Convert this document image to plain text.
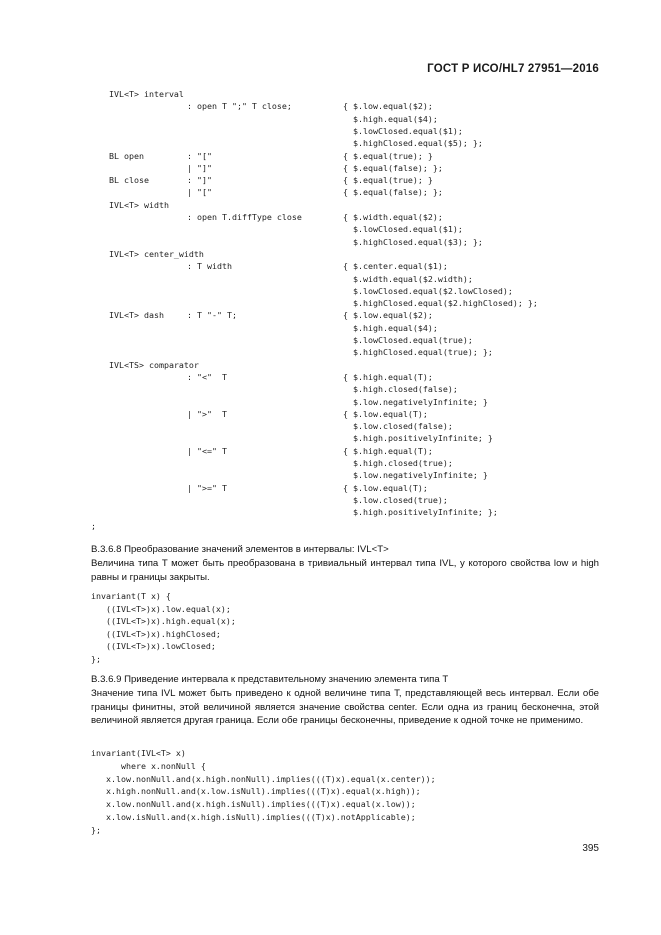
ГОСТ Р ИСО/HL7 27951—2016
IVL<T> interval
: open T ";" T close;	{ $.low.equal($2);
$.high.equal($4);
$.lowClosed.equal($1);
$.highClosed.equal($5); };
BL open	: "["	{ $.equal(true); }
| "]"	{ $.equal(false); };
BL close	: "]"	{ $.equal(true); }
| "["	{ $.equal(false); };
IVL<T> width
: open T.diffType close	{ $.width.equal($2);
$.lowClosed.equal($1);
$.highClosed.equal($3); };
IVL<T> center_width
: T width	{ $.center.equal($1);
$.width.equal($2.width);
$.lowClosed.equal($2.lowClosed);
$.highClosed.equal($2.highClosed); };
IVL<T> dash	: T "-" T;	{ $.low.equal($2);
$.high.equal($4);
$.lowClosed.equal(true);
$.highClosed.equal(true); };
IVL<TS> comparator
: "<"  T	{ $.high.equal(T);
$.high.closed(false);
$.low.negativelyInfinite; }
| ">"  T	{ $.low.equal(T);
$.low.closed(false);
$.high.positivelyInfinite; }
| "<=" T	{ $.high.equal(T);
$.high.closed(true);
$.low.negativelyInfinite; }
| ">=" T	{ $.low.equal(T);
$.low.closed(true);
$.high.positivelyInfinite; };
;
B.3.6.8 Преобразование значений элементов в интервалы: IVL<T>
Величина типа T может быть преобразована в тривиальный интервал типа IVL, у которого свойства low и high равны и границы закрыты.
invariant(T x) {
((IVL<T>)x).low.equal(x);
((IVL<T>)x).high.equal(x);
((IVL<T>)x).highClosed;
((IVL<T>)x).lowClosed;
};
B.3.6.9 Приведение интервала к представительному значению элемента типа T
Значение типа IVL может быть приведено к одной величине типа T, представляющей весь интервал. Если обе границы финитны, этой величиной является значение свойства center. Если одна из границ бесконечна, этой величиной является другая граница. Если обе границы бесконечны, приведение к одной точке не применимо.
invariant(IVL<T> x)
where x.nonNull {
x.low.nonNull.and(x.high.nonNull).implies(((T)x).equal(x.center));
x.high.nonNull.and(x.low.isNull).implies(((T)x).equal(x.high));
x.low.nonNull.and(x.high.isNull).implies(((T)x).equal(x.low));
x.low.isNull.and(x.high.isNull).implies(((T)x).notApplicable);
};
395
